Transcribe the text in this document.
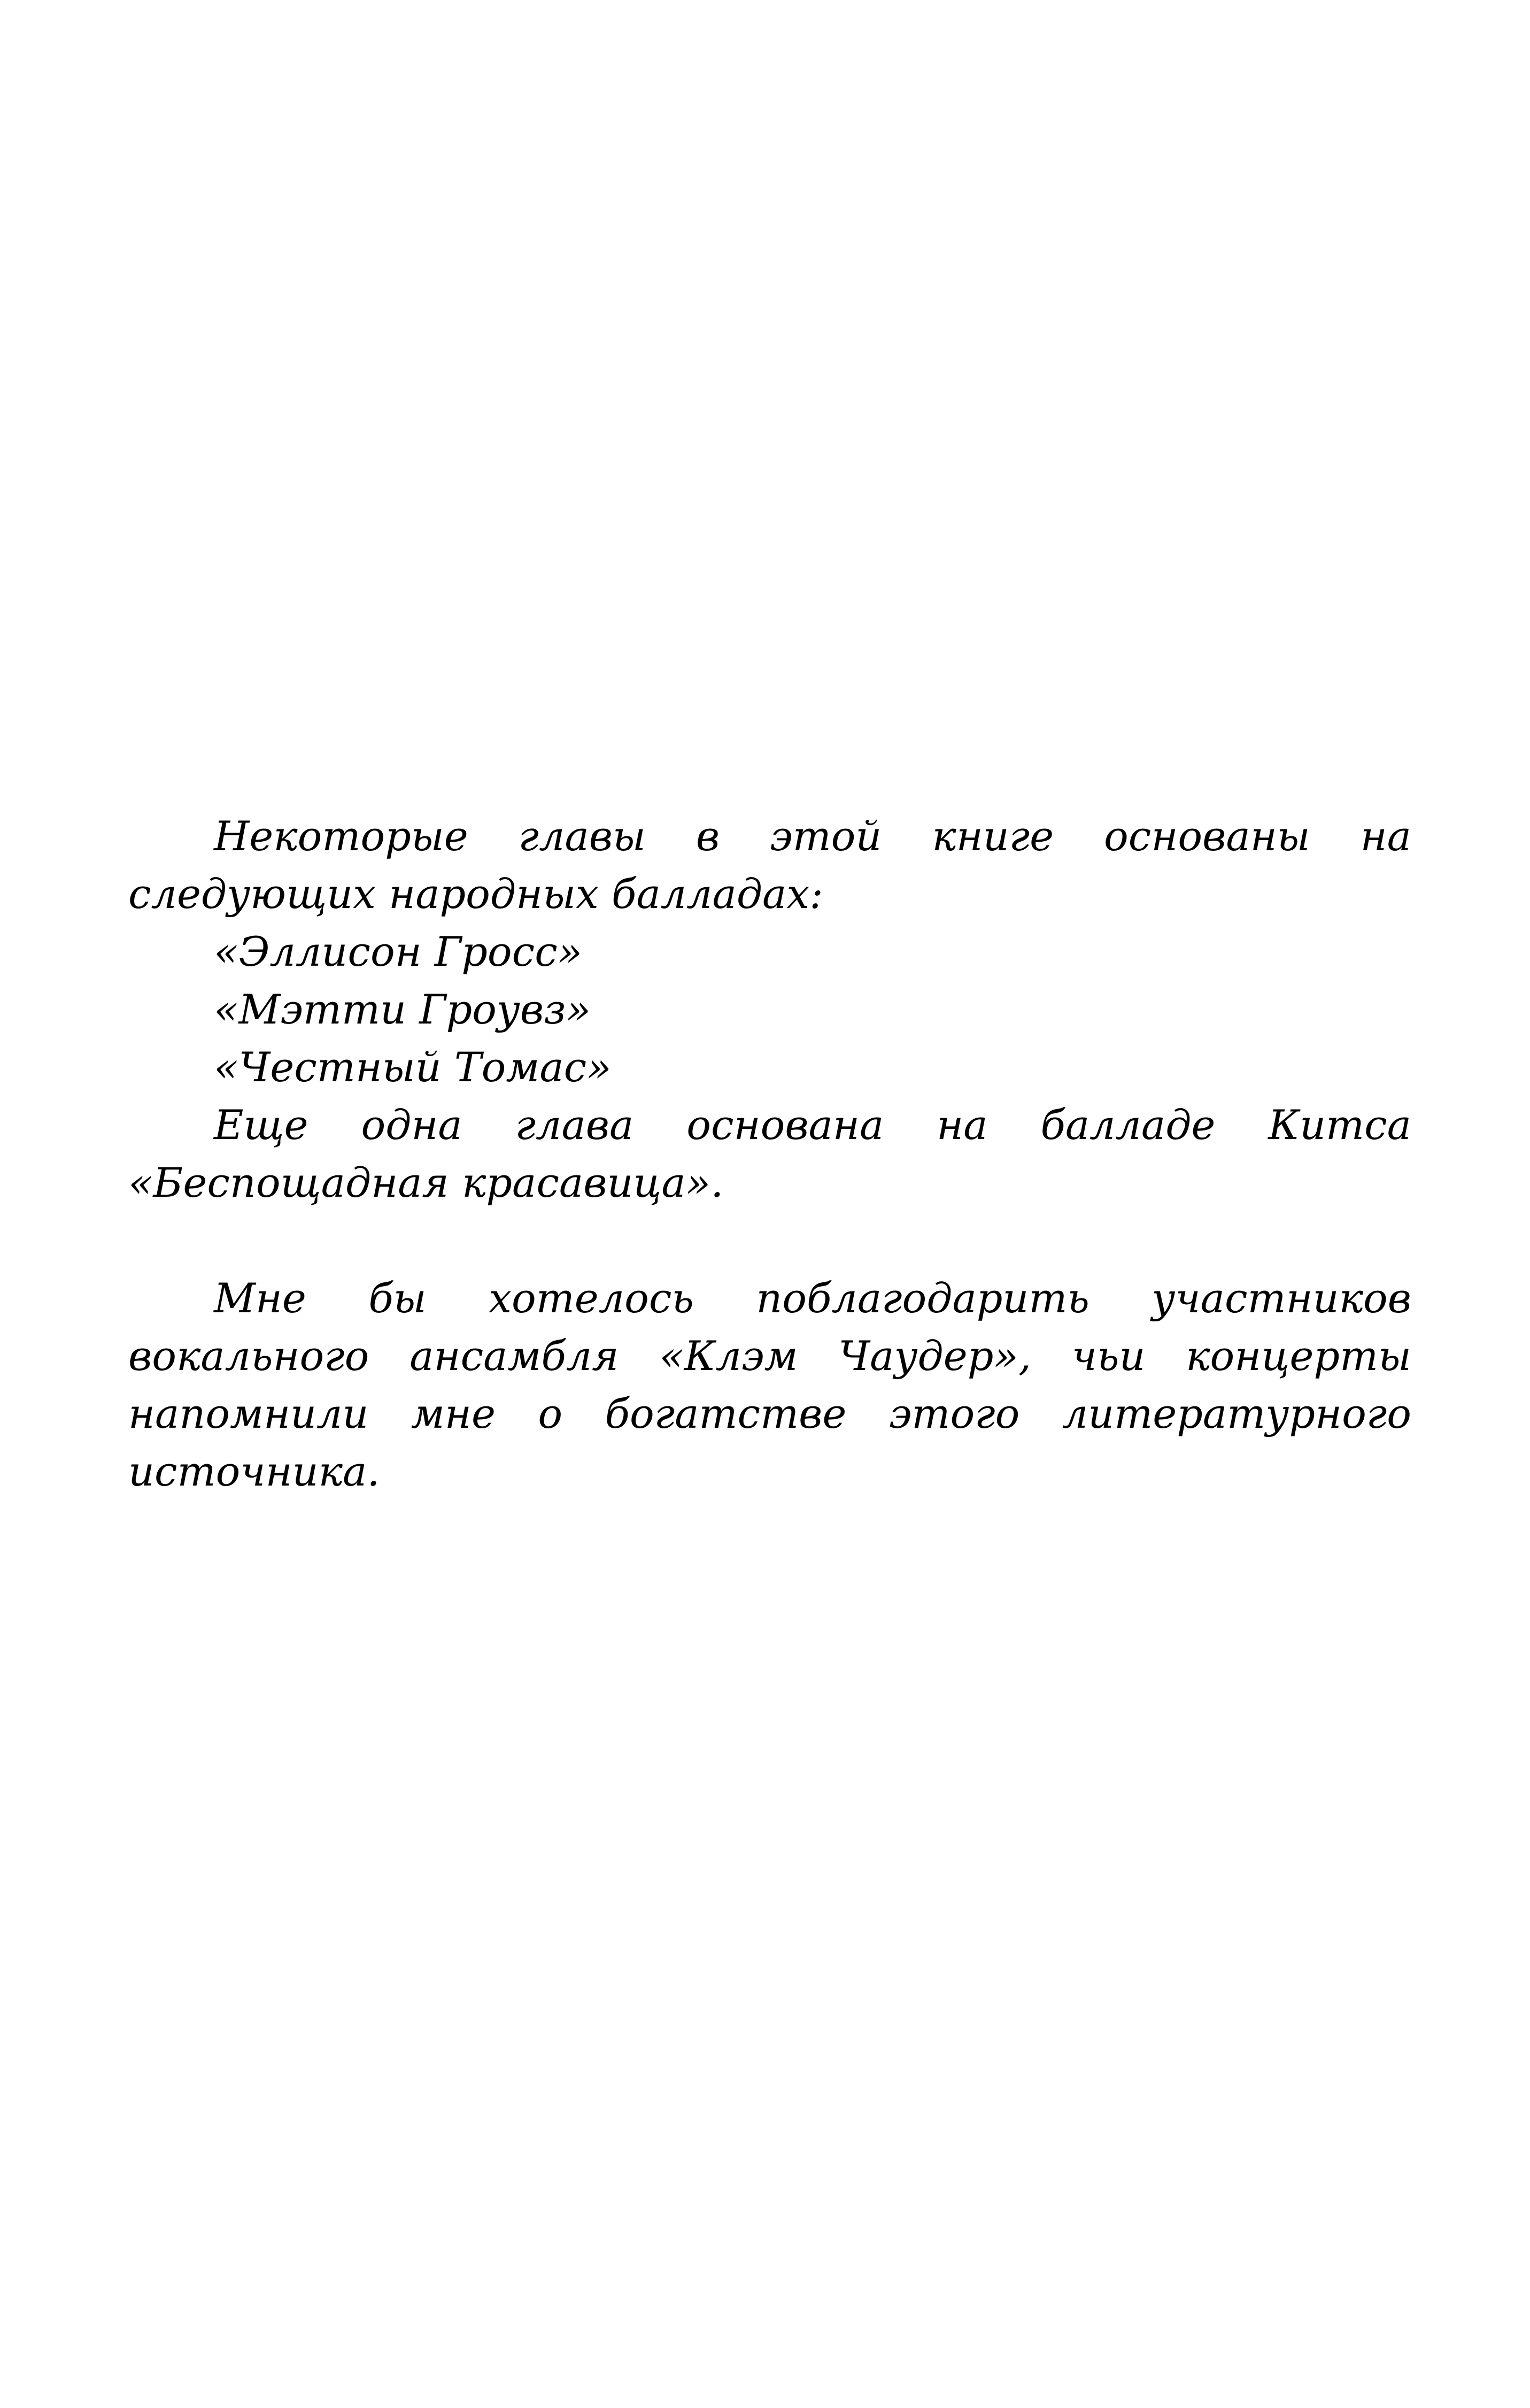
Некоторые главы в этой книге основаны на следующих народных балладах:

«Эллисон Гросс»

«Мэтти Гроувз»

«Честный Томас»

Еще одна глава основана на балладе Китса «Беспощадная красавица».

Мне бы хотелось поблагодарить участников вокального ансамбля «Клэм Чаудер», чьи концерты напомнили мне о богатстве этого литературного источника.
